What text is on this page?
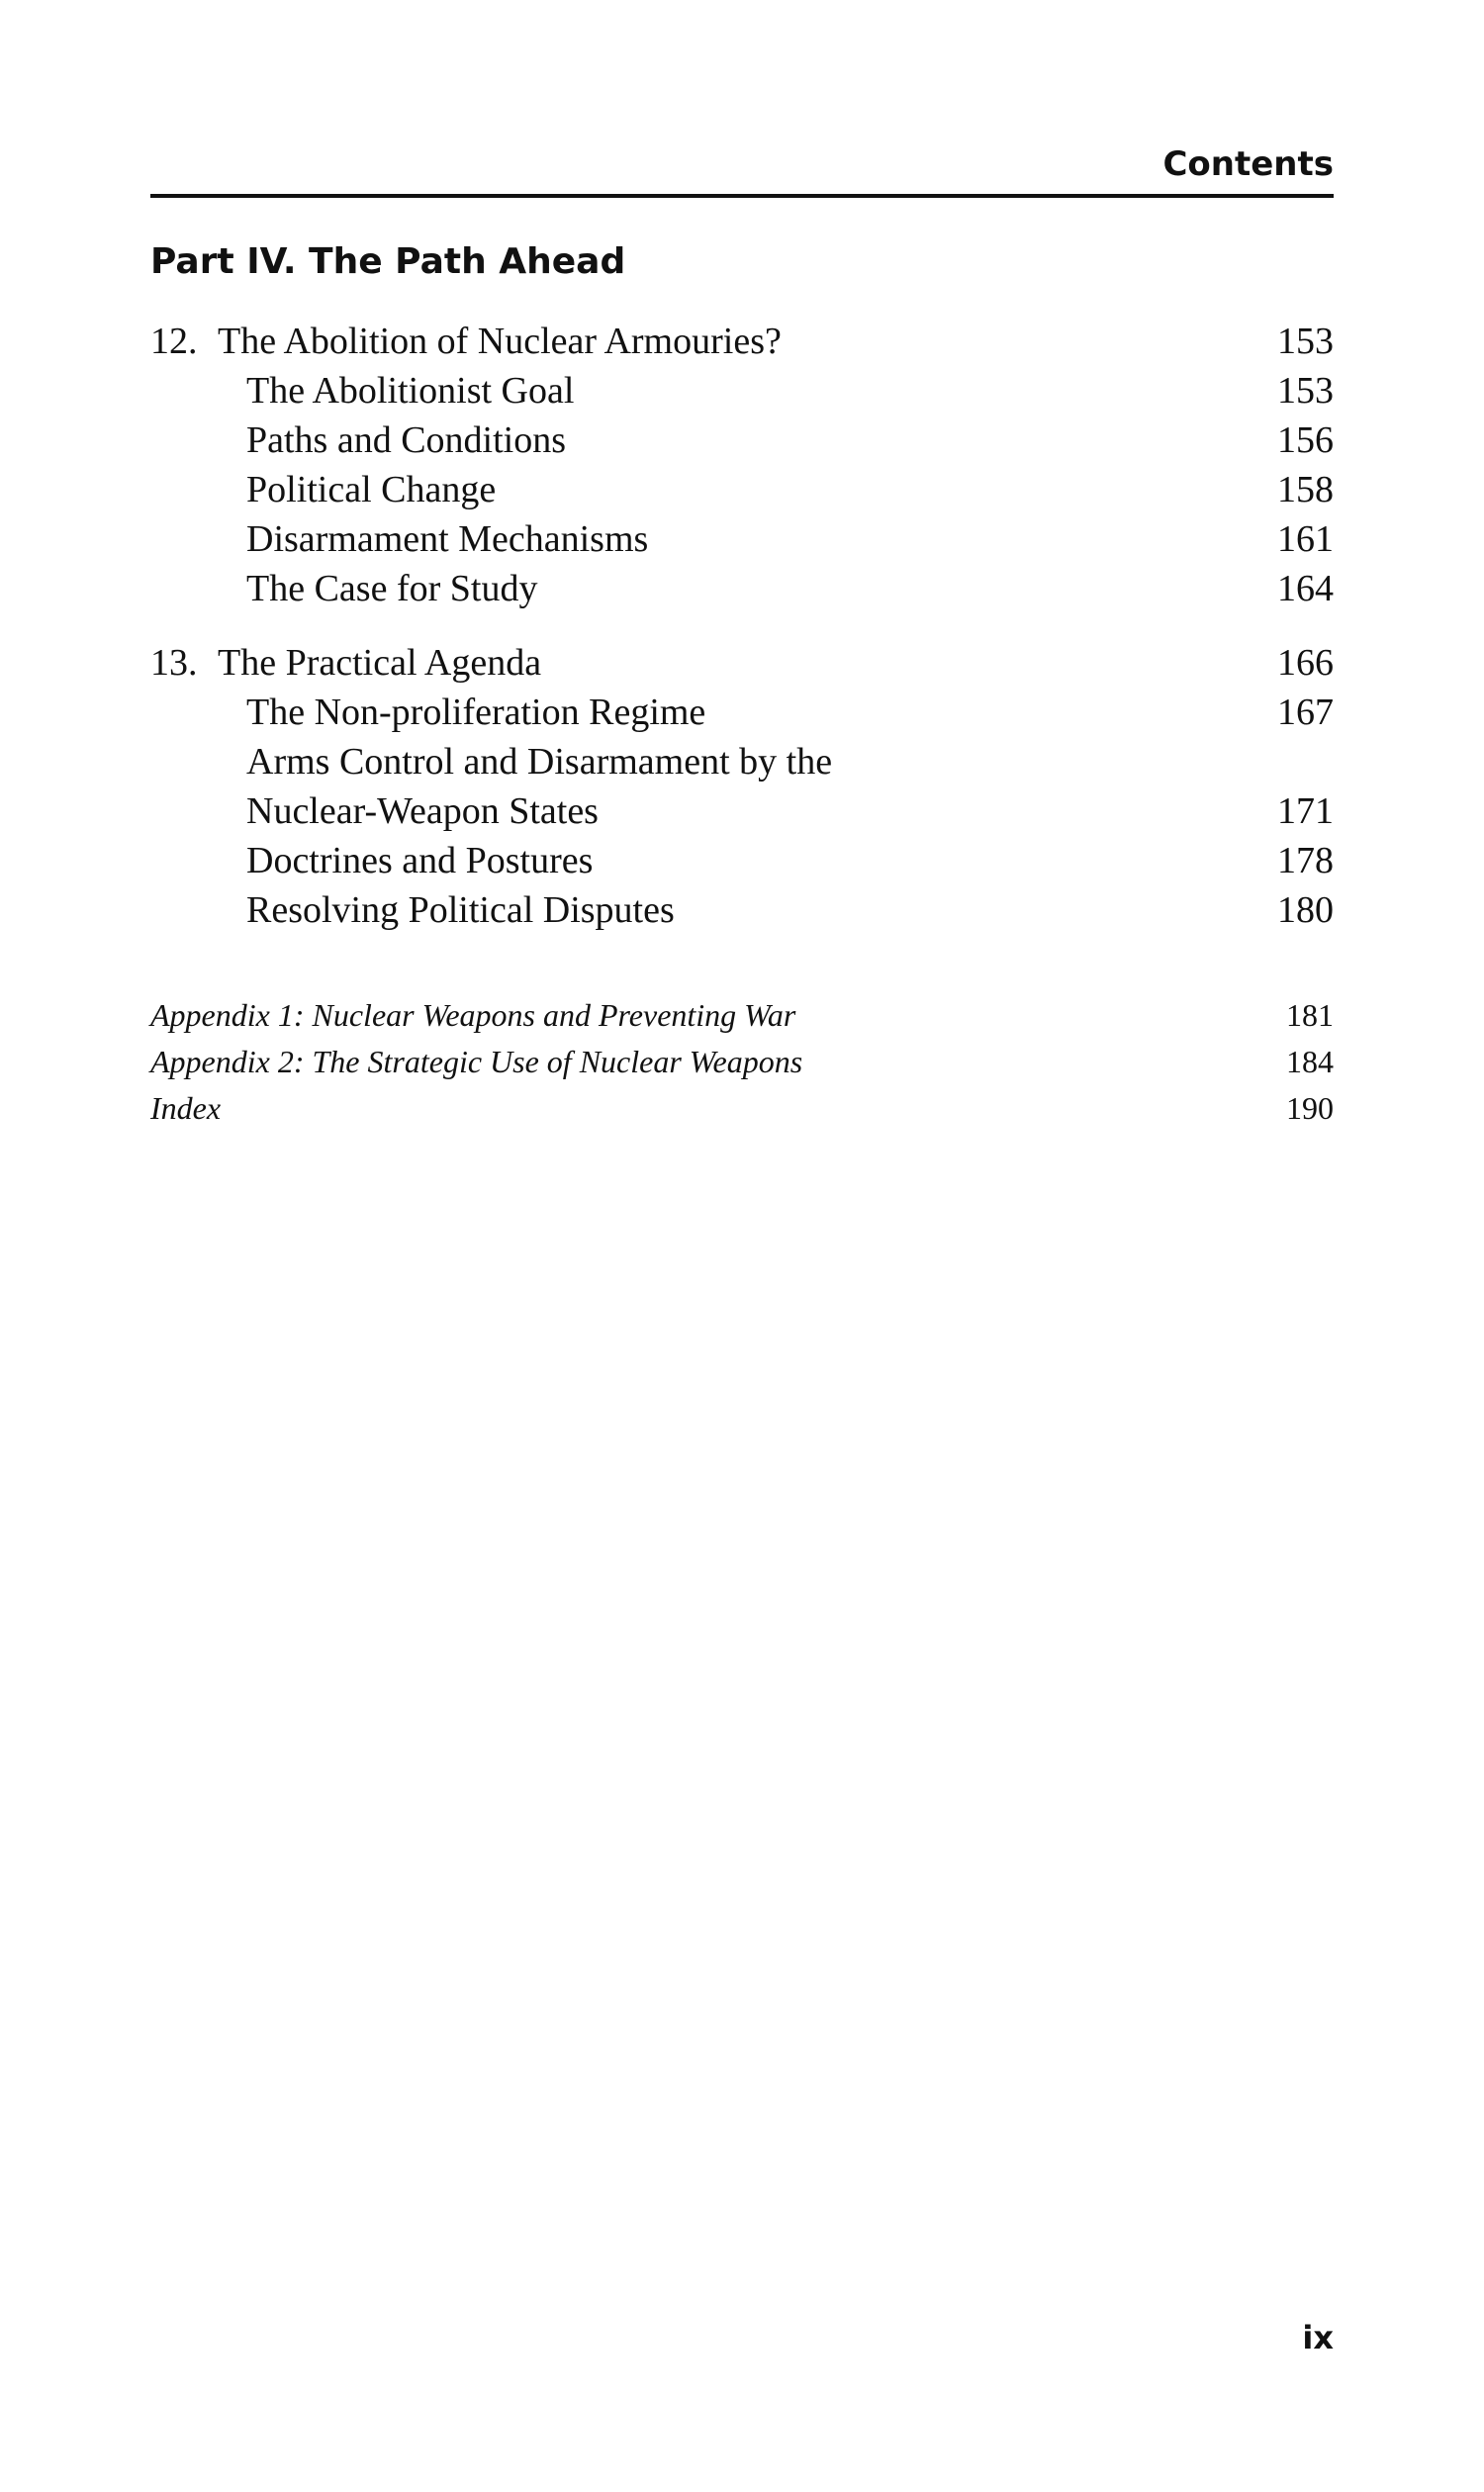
Contents
Part IV. The Path Ahead
12. The Abolition of Nuclear Armouries?	153
The Abolitionist Goal	153
Paths and Conditions	156
Political Change	158
Disarmament Mechanisms	161
The Case for Study	164
13. The Practical Agenda	166
The Non-proliferation Regime	167
Arms Control and Disarmament by the
Nuclear-Weapon States	171
Doctrines and Postures	178
Resolving Political Disputes	180
Appendix 1: Nuclear Weapons and Preventing War	181
Appendix 2: The Strategic Use of Nuclear Weapons	184
Index	190
ix
